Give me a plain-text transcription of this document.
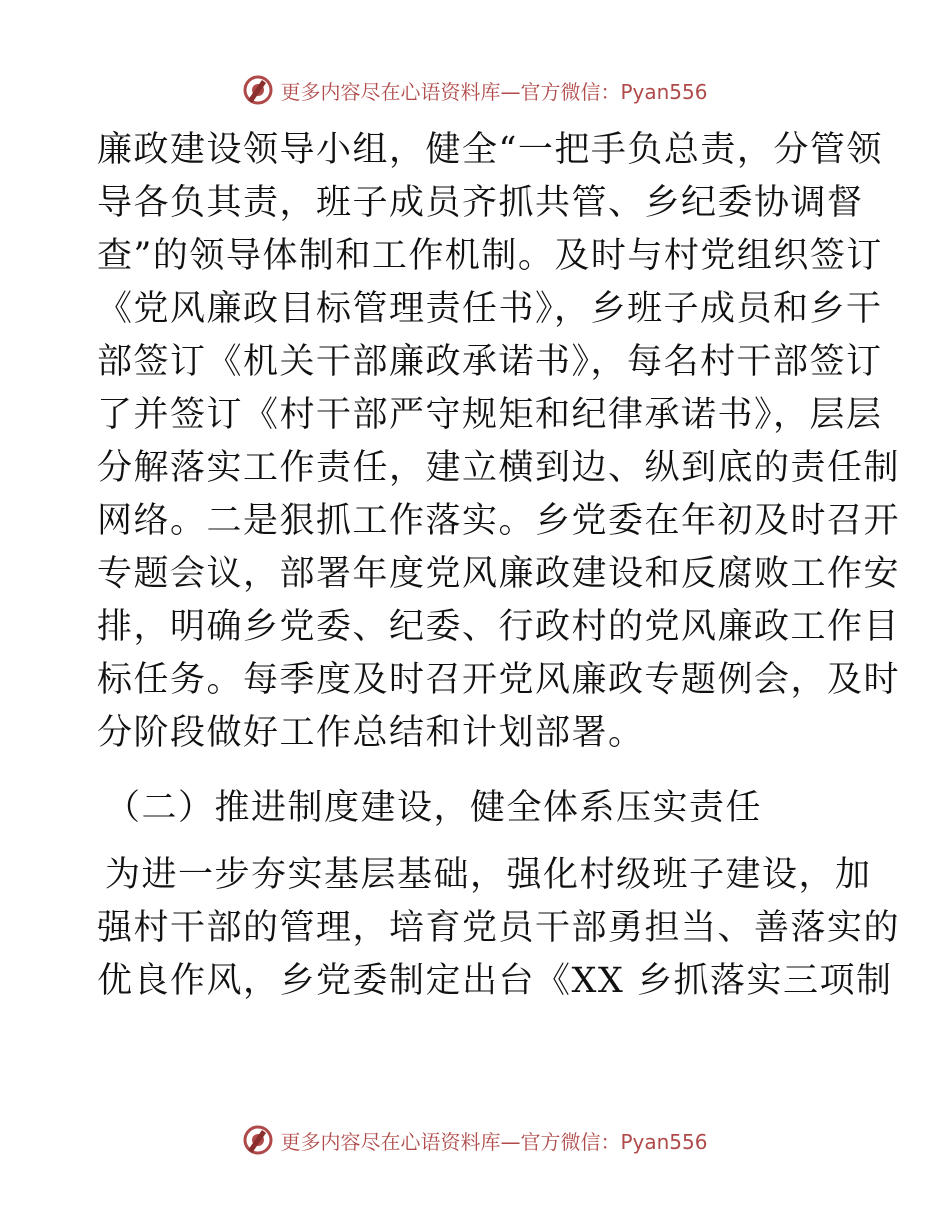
更多内容尽在心语资料库—官方微信：Pyan556
廉政建设领导小组，健全“一把手负总责，分管领
导各负其责，班子成员齐抓共管、乡纪委协调督
查”的领导体制和工作机制。及时与村党组织签订
《党风廉政目标管理责任书》，乡班子成员和乡干
部签订《机关干部廉政承诺书》，每名村干部签订
了并签订《村干部严守规矩和纪律承诺书》，层层
分解落实工作责任，建立横到边、纵到底的责任制
网络。二是狠抓工作落实。乡党委在年初及时召开
专题会议，部署年度党风廉政建设和反腐败工作安
排，明确乡党委、纪委、行政村的党风廉政工作目
标任务。每季度及时召开党风廉政专题例会，及时
分阶段做好工作总结和计划部署。
（二）推进制度建设，健全体系压实责任
为进一步夯实基层基础，强化村级班子建设，加
强村干部的管理，培育党员干部勇担当、善落实的
优良作风，乡党委制定出台《XX 乡抓落实三项制
更多内容尽在心语资料库—官方微信：Pyan556
